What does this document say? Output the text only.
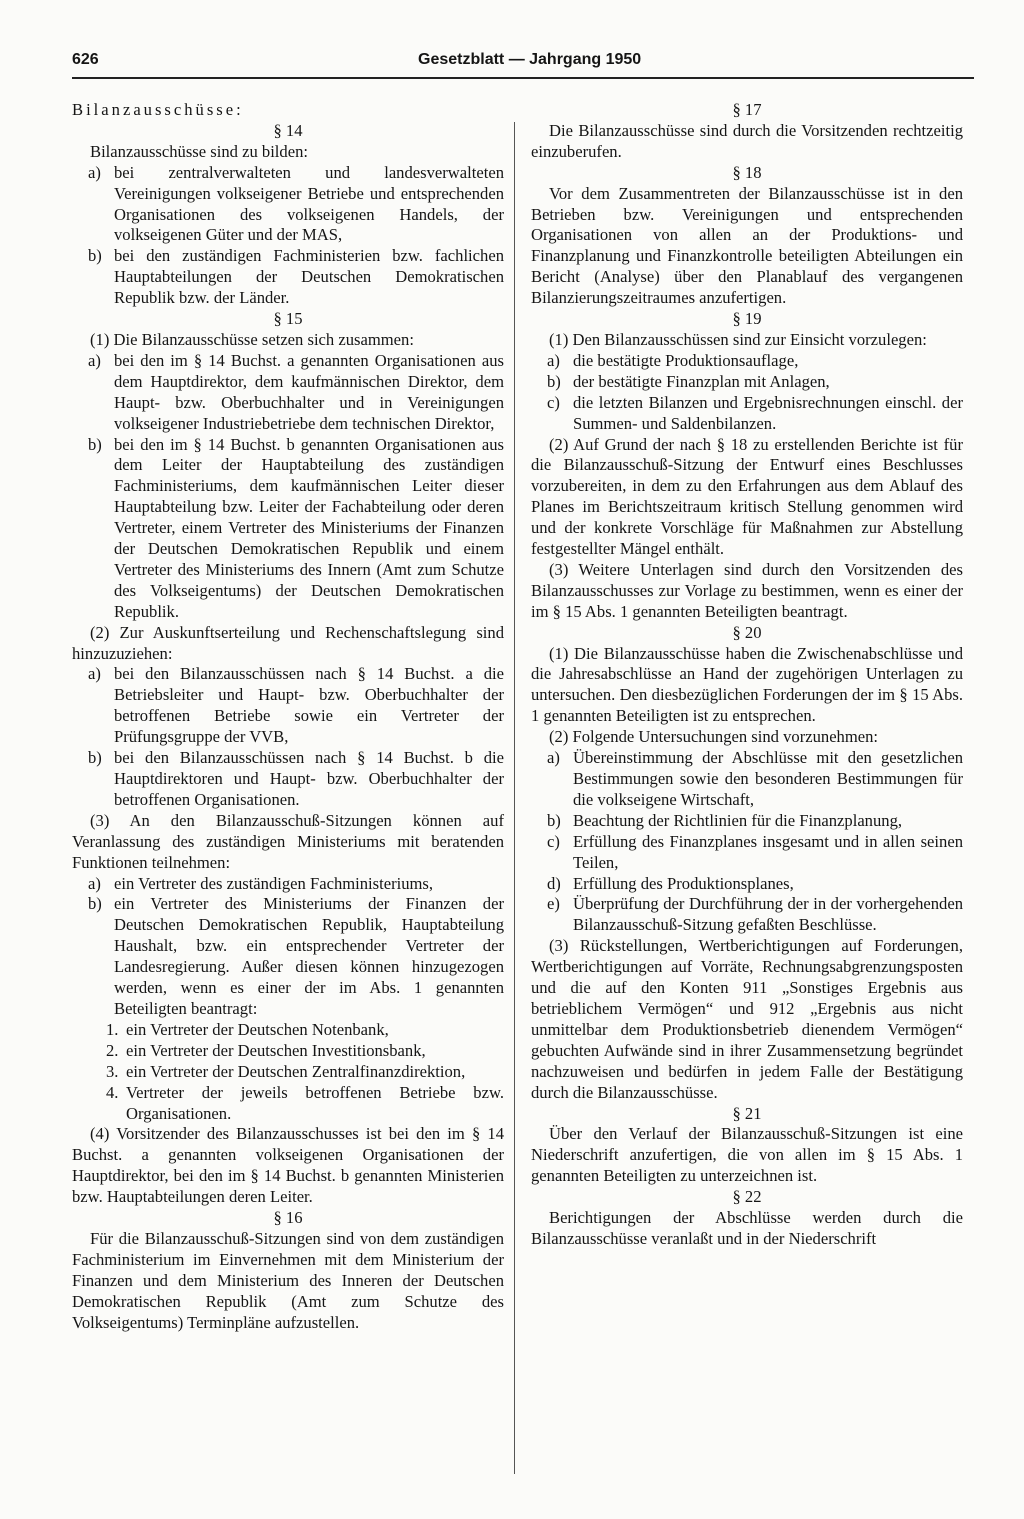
626	Gesetzblatt — Jahrgang 1950

Bilanzausschüsse:

§ 14

Bilanzausschüsse sind zu bilden:

a) bei zentralverwalteten und landesverwalteten Vereinigungen volkseigener Betriebe und entsprechenden Organisationen des volkseigenen Handels, der volkseigenen Güter und der MAS,
b) bei den zuständigen Fachministerien bzw. fachlichen Hauptabteilungen der Deutschen Demokratischen Republik bzw. der Länder.

§ 15

(1) Die Bilanzausschüsse setzen sich zusammen:

a) bei den im § 14 Buchst. a genannten Organisationen aus dem Hauptdirektor, dem kaufmännischen Direktor, dem Haupt- bzw. Oberbuchhalter und in Vereinigungen volkseigener Industriebetriebe dem technischen Direktor,
b) bei den im § 14 Buchst. b genannten Organisationen aus dem Leiter der Hauptabteilung des zuständigen Fachministeriums, dem kaufmännischen Leiter dieser Hauptabteilung bzw. Leiter der Fachabteilung oder deren Vertreter, einem Vertreter des Ministeriums der Finanzen der Deutschen Demokratischen Republik und einem Vertreter des Ministeriums des Innern (Amt zum Schutze des Volkseigentums) der Deutschen Demokratischen Republik.

(2) Zur Auskunftserteilung und Rechenschaftslegung sind hinzuzuziehen:

a) bei den Bilanzausschüssen nach § 14 Buchst. a die Betriebsleiter und Haupt- bzw. Oberbuchhalter der betroffenen Betriebe sowie ein Vertreter der Prüfungsgruppe der VVB,
b) bei den Bilanzausschüssen nach § 14 Buchst. b die Hauptdirektoren und Haupt- bzw. Oberbuchhalter der betroffenen Organisationen.

(3) An den Bilanzausschuß-Sitzungen können auf Veranlassung des zuständigen Ministeriums mit beratenden Funktionen teilnehmen:

a) ein Vertreter des zuständigen Fachministeriums,
b) ein Vertreter des Ministeriums der Finanzen der Deutschen Demokratischen Republik, Hauptabteilung Haushalt, bzw. ein entsprechender Vertreter der Landesregierung. Außer diesen können hinzugezogen werden, wenn es einer der im Abs. 1 genannten Beteiligten beantragt:
1. ein Vertreter der Deutschen Notenbank,
2. ein Vertreter der Deutschen Investitionsbank,
3. ein Vertreter der Deutschen Zentralfinanzdirektion,
4. Vertreter der jeweils betroffenen Betriebe bzw. Organisationen.

(4) Vorsitzender des Bilanzausschusses ist bei den im § 14 Buchst. a genannten volkseigenen Organisationen der Hauptdirektor, bei den im § 14 Buchst. b genannten Ministerien bzw. Hauptabteilungen deren Leiter.

§ 16

Für die Bilanzausschuß-Sitzungen sind von dem zuständigen Fachministerium im Einvernehmen mit dem Ministerium der Finanzen und dem Ministerium des Inneren der Deutschen Demokratischen Republik (Amt zum Schutze des Volkseigentums) Terminpläne aufzustellen.

§ 17

Die Bilanzausschüsse sind durch die Vorsitzenden rechtzeitig einzuberufen.

§ 18

Vor dem Zusammentreten der Bilanzausschüsse ist in den Betrieben bzw. Vereinigungen und entsprechenden Organisationen von allen an der Produktions- und Finanzplanung und Finanzkontrolle beteiligten Abteilungen ein Bericht (Analyse) über den Planablauf des vergangenen Bilanzierungszeitraumes anzufertigen.

§ 19

(1) Den Bilanzausschüssen sind zur Einsicht vorzulegen:

a) die bestätigte Produktionsauflage,
b) der bestätigte Finanzplan mit Anlagen,
c) die letzten Bilanzen und Ergebnisrechnungen einschl. der Summen- und Saldenbilanzen.

(2) Auf Grund der nach § 18 zu erstellenden Berichte ist für die Bilanzausschuß-Sitzung der Entwurf eines Beschlusses vorzubereiten, in dem zu den Erfahrungen aus dem Ablauf des Planes im Berichtszeitraum kritisch Stellung genommen wird und der konkrete Vorschläge für Maßnahmen zur Abstellung festgestellter Mängel enthält.

(3) Weitere Unterlagen sind durch den Vorsitzenden des Bilanzausschusses zur Vorlage zu bestimmen, wenn es einer der im § 15 Abs. 1 genannten Beteiligten beantragt.

§ 20

(1) Die Bilanzausschüsse haben die Zwischenabschlüsse und die Jahresabschlüsse an Hand der zugehörigen Unterlagen zu untersuchen. Den diesbezüglichen Forderungen der im § 15 Abs. 1 genannten Beteiligten ist zu entsprechen.

(2) Folgende Untersuchungen sind vorzunehmen:

a) Übereinstimmung der Abschlüsse mit den gesetzlichen Bestimmungen sowie den besonderen Bestimmungen für die volkseigene Wirtschaft,
b) Beachtung der Richtlinien für die Finanzplanung,
c) Erfüllung des Finanzplanes insgesamt und in allen seinen Teilen,
d) Erfüllung des Produktionsplanes,
e) Überprüfung der Durchführung der in der vorhergehenden Bilanzausschuß-Sitzung gefaßten Beschlüsse.

(3) Rückstellungen, Wertberichtigungen auf Forderungen, Wertberichtigungen auf Vorräte, Rechnungsabgrenzungsposten und die auf den Konten 911 „Sonstiges Ergebnis aus betrieblichem Vermögen“ und 912 „Ergebnis aus nicht unmittelbar dem Produktionsbetrieb dienendem Vermögen“ gebuchten Aufwände sind in ihrer Zusammensetzung begründet nachzuweisen und bedürfen in jedem Falle der Bestätigung durch die Bilanzausschüsse.

§ 21

Über den Verlauf der Bilanzausschuß-Sitzungen ist eine Niederschrift anzufertigen, die von allen im § 15 Abs. 1 genannten Beteiligten zu unterzeichnen ist.

§ 22

Berichtigungen der Abschlüsse werden durch die Bilanzausschüsse veranlaßt und in der Niederschrift
